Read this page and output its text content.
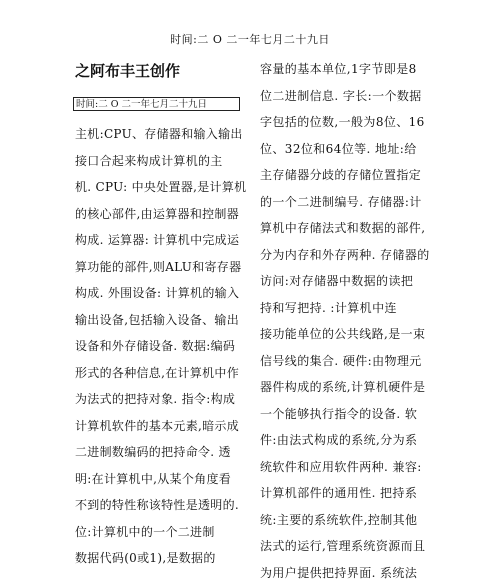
时间:二 O 二一年七月二十九日
之阿布丰王创作
时间:二 O 二一年七月二十九日
主机:CPU、存储器和输入输出
接口合起来构成计算机的主
机. CPU: 中央处置器,是计算机
的核心部件,由运算器和控制器
构成. 运算器: 计算机中完成运
算功能的部件,则ALU和寄存器
构成. 外围设备: 计算机的输入
输出设备,包括输入设备、输出
设备和外存储设备. 数据:编码
形式的各种信息,在计算机中作
为法式的把持对象. 指令:构成
计算机软件的基本元素,暗示成
二进制数编码的把持命令. 透
明:在计算机中,从某个角度看
不到的特性称该特性是透明的.
位:计算机中的一个二进制
数据代码(0或1),是数据的
容量的基本单位,1字节即是8
位二进制信息. 字长:一个数据
字包括的位数,一般为8位、16
位、32位和64位等. 地址:给
主存储器分歧的存储位置指定
的一个二进制编号. 存储器:计
算机中存储法式和数据的部件,
分为内存和外存两种. 存储器的
访问:对存储器中数据的读把
持和写把持. :计算机中连
接功能单位的公共线路,是一束
信号线的集合. 硬件:由物理元
器件构成的系统,计算机硬件是
一个能够执行指令的设备. 软
件:由法式构成的系统,分为系
统软件和应用软件两种. 兼容:
计算机部件的通用性. 把持系
统:主要的系统软件,控制其他
法式的运行,管理系统资源而且
为用户提供把持界面. 系统法
